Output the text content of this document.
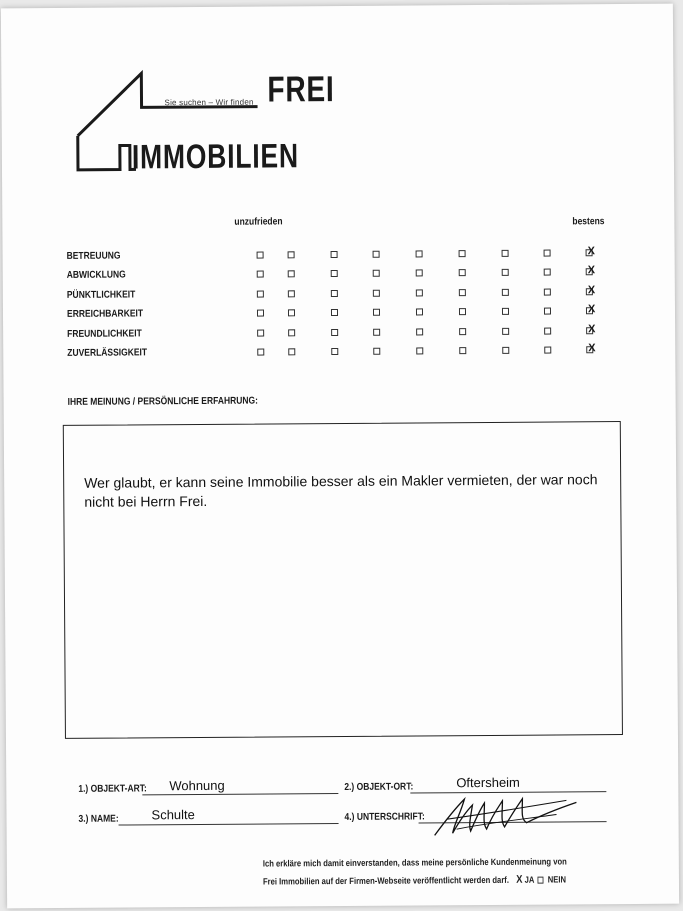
Sie suchen – Wir finden FREI
IMMOBILIEN
unzufrieden	bestens
BETREUUNG	X
ABWICKLUNG	X
PÜNKTLICHKEIT	X
ERREICHBARKEIT	X
FREUNDLICHKEIT	X
ZUVERLÄSSIGKEIT	X
IHRE MEINUNG / PERSÖNLICHE ERFAHRUNG:
Wer glaubt, er kann seine Immobilie besser als ein Makler vermieten, der war noch nicht bei Herrn Frei.
1.) OBJEKT-ART: Wohnung	2.) OBJEKT-ORT:	Oftersheim
3.) NAME:	Schulte	4.) UNTERSCHRIFT:
Ich erkläre mich damit einverstanden, dass meine persönliche Kundenmeinung von
Frei Immobilien auf der Firmen-Webseite veröffentlicht werden darf. X JA NEIN
